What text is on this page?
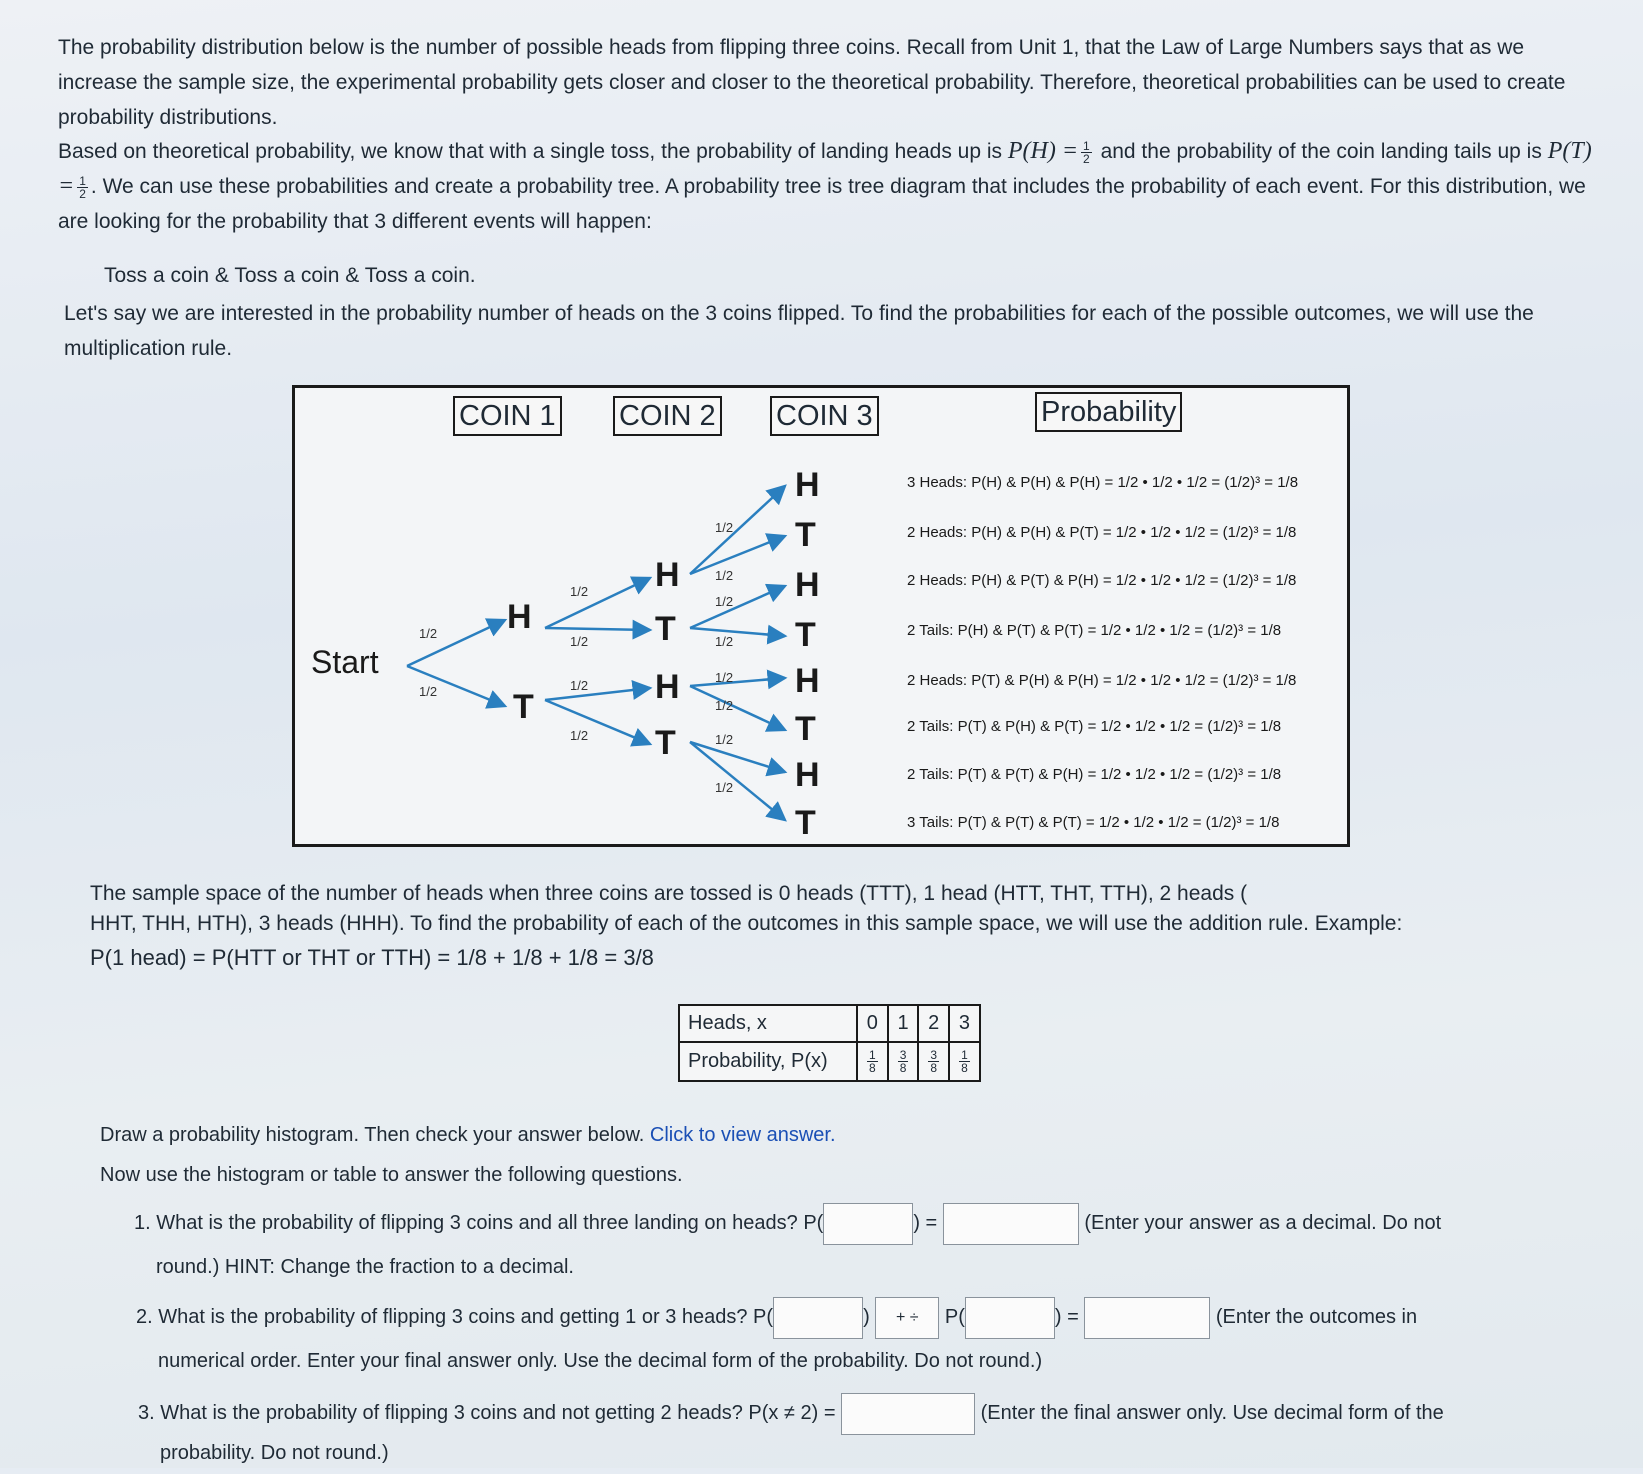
The probability distribution below is the number of possible heads from flipping three coins. Recall from Unit 1, that the Law of Large Numbers says that as we increase the sample size, the experimental probability gets closer and closer to the theoretical probability. Therefore, theoretical probabilities can be used to create probability distributions.

Based on theoretical probability, we know that with a single toss, the probability of landing heads up is $P(H) = \frac{1}{2}$ and the probability of the coin landing tails up is $P(T) = \frac{1}{2}$ . We can use these probabilities and create a probability tree. A probability tree is tree diagram that includes the probability of each event. For this distribution, we are looking for the probability that 3 different events will happen:

Toss a coin & Toss a coin & Toss a coin.

Let's say we are interested in the probability number of heads on the 3 coins flipped. To find the probabilities for each of the possible outcomes, we will use the multiplication rule.

COIN 1 COIN 2 COIN 3	Probability
Start
H
T
H
T
H
T
H
T
H
T
H
T
H
T
1/2
1/2
1/2
1/2
1/2
1/2
1/2
1/2
1/2
1/2
1/2
1/2
1/2
1/2
3 Heads: P(H) & P(H) & P(H) = 1/2 • 1/2 • 1/2 = (1/2)³ = 1/8
2 Heads: P(H) & P(H) & P(T) = 1/2 • 1/2 • 1/2 = (1/2)³ = 1/8
2 Heads: P(H) & P(T) & P(H) = 1/2 • 1/2 • 1/2 = (1/2)³ = 1/8
2 Tails: P(H) & P(T) & P(T) = 1/2 • 1/2 • 1/2 = (1/2)³ = 1/8
2 Heads: P(T) & P(H) & P(H) = 1/2 • 1/2 • 1/2 = (1/2)³ = 1/8
2 Tails: P(T) & P(H) & P(T) = 1/2 • 1/2 • 1/2 = (1/2)³ = 1/8
2 Tails: P(T) & P(T) & P(H) = 1/2 • 1/2 • 1/2 = (1/2)³ = 1/8
3 Tails: P(T) & P(T) & P(T) = 1/2 • 1/2 • 1/2 = (1/2)³ = 1/8

The sample space of the number of heads when three coins are tossed is 0 heads (TTT), 1 head (HTT, THT, TTH), 2 heads (

HHT, THH, HTH), 3 heads (HHH). To find the probability of each of the outcomes in this sample space, we will use the addition rule. Example:

P(1 head) = P(HTT or THT or TTH) = 1/8 + 1/8 + 1/8 = 3/8

Heads, x	0	1	2	3
Probability, P(x)	$\frac{1}{8}$	$\frac{3}{8}$	$\frac{3}{8}$	$\frac{1}{8}$
Draw a probability histogram. Then check your answer below. Click to view answer.
Now use the histogram or table to answer the following questions.
1. What is the probability of flipping 3 coins and all three landing on heads? P(	) =	(Enter your answer as a decimal. Do not
round.) HINT: Change the fraction to a decimal.
2. What is the probability of flipping 3 coins and getting 1 or 3 heads? P(	) + ÷ P(	) =	(Enter the outcomes in
numerical order. Enter your final answer only. Use the decimal form of the probability. Do not round.)
3. What is the probability of flipping 3 coins and not getting 2 heads? P(x ≠ 2) =	(Enter the final answer only. Use decimal form of the
probability. Do not round.)
